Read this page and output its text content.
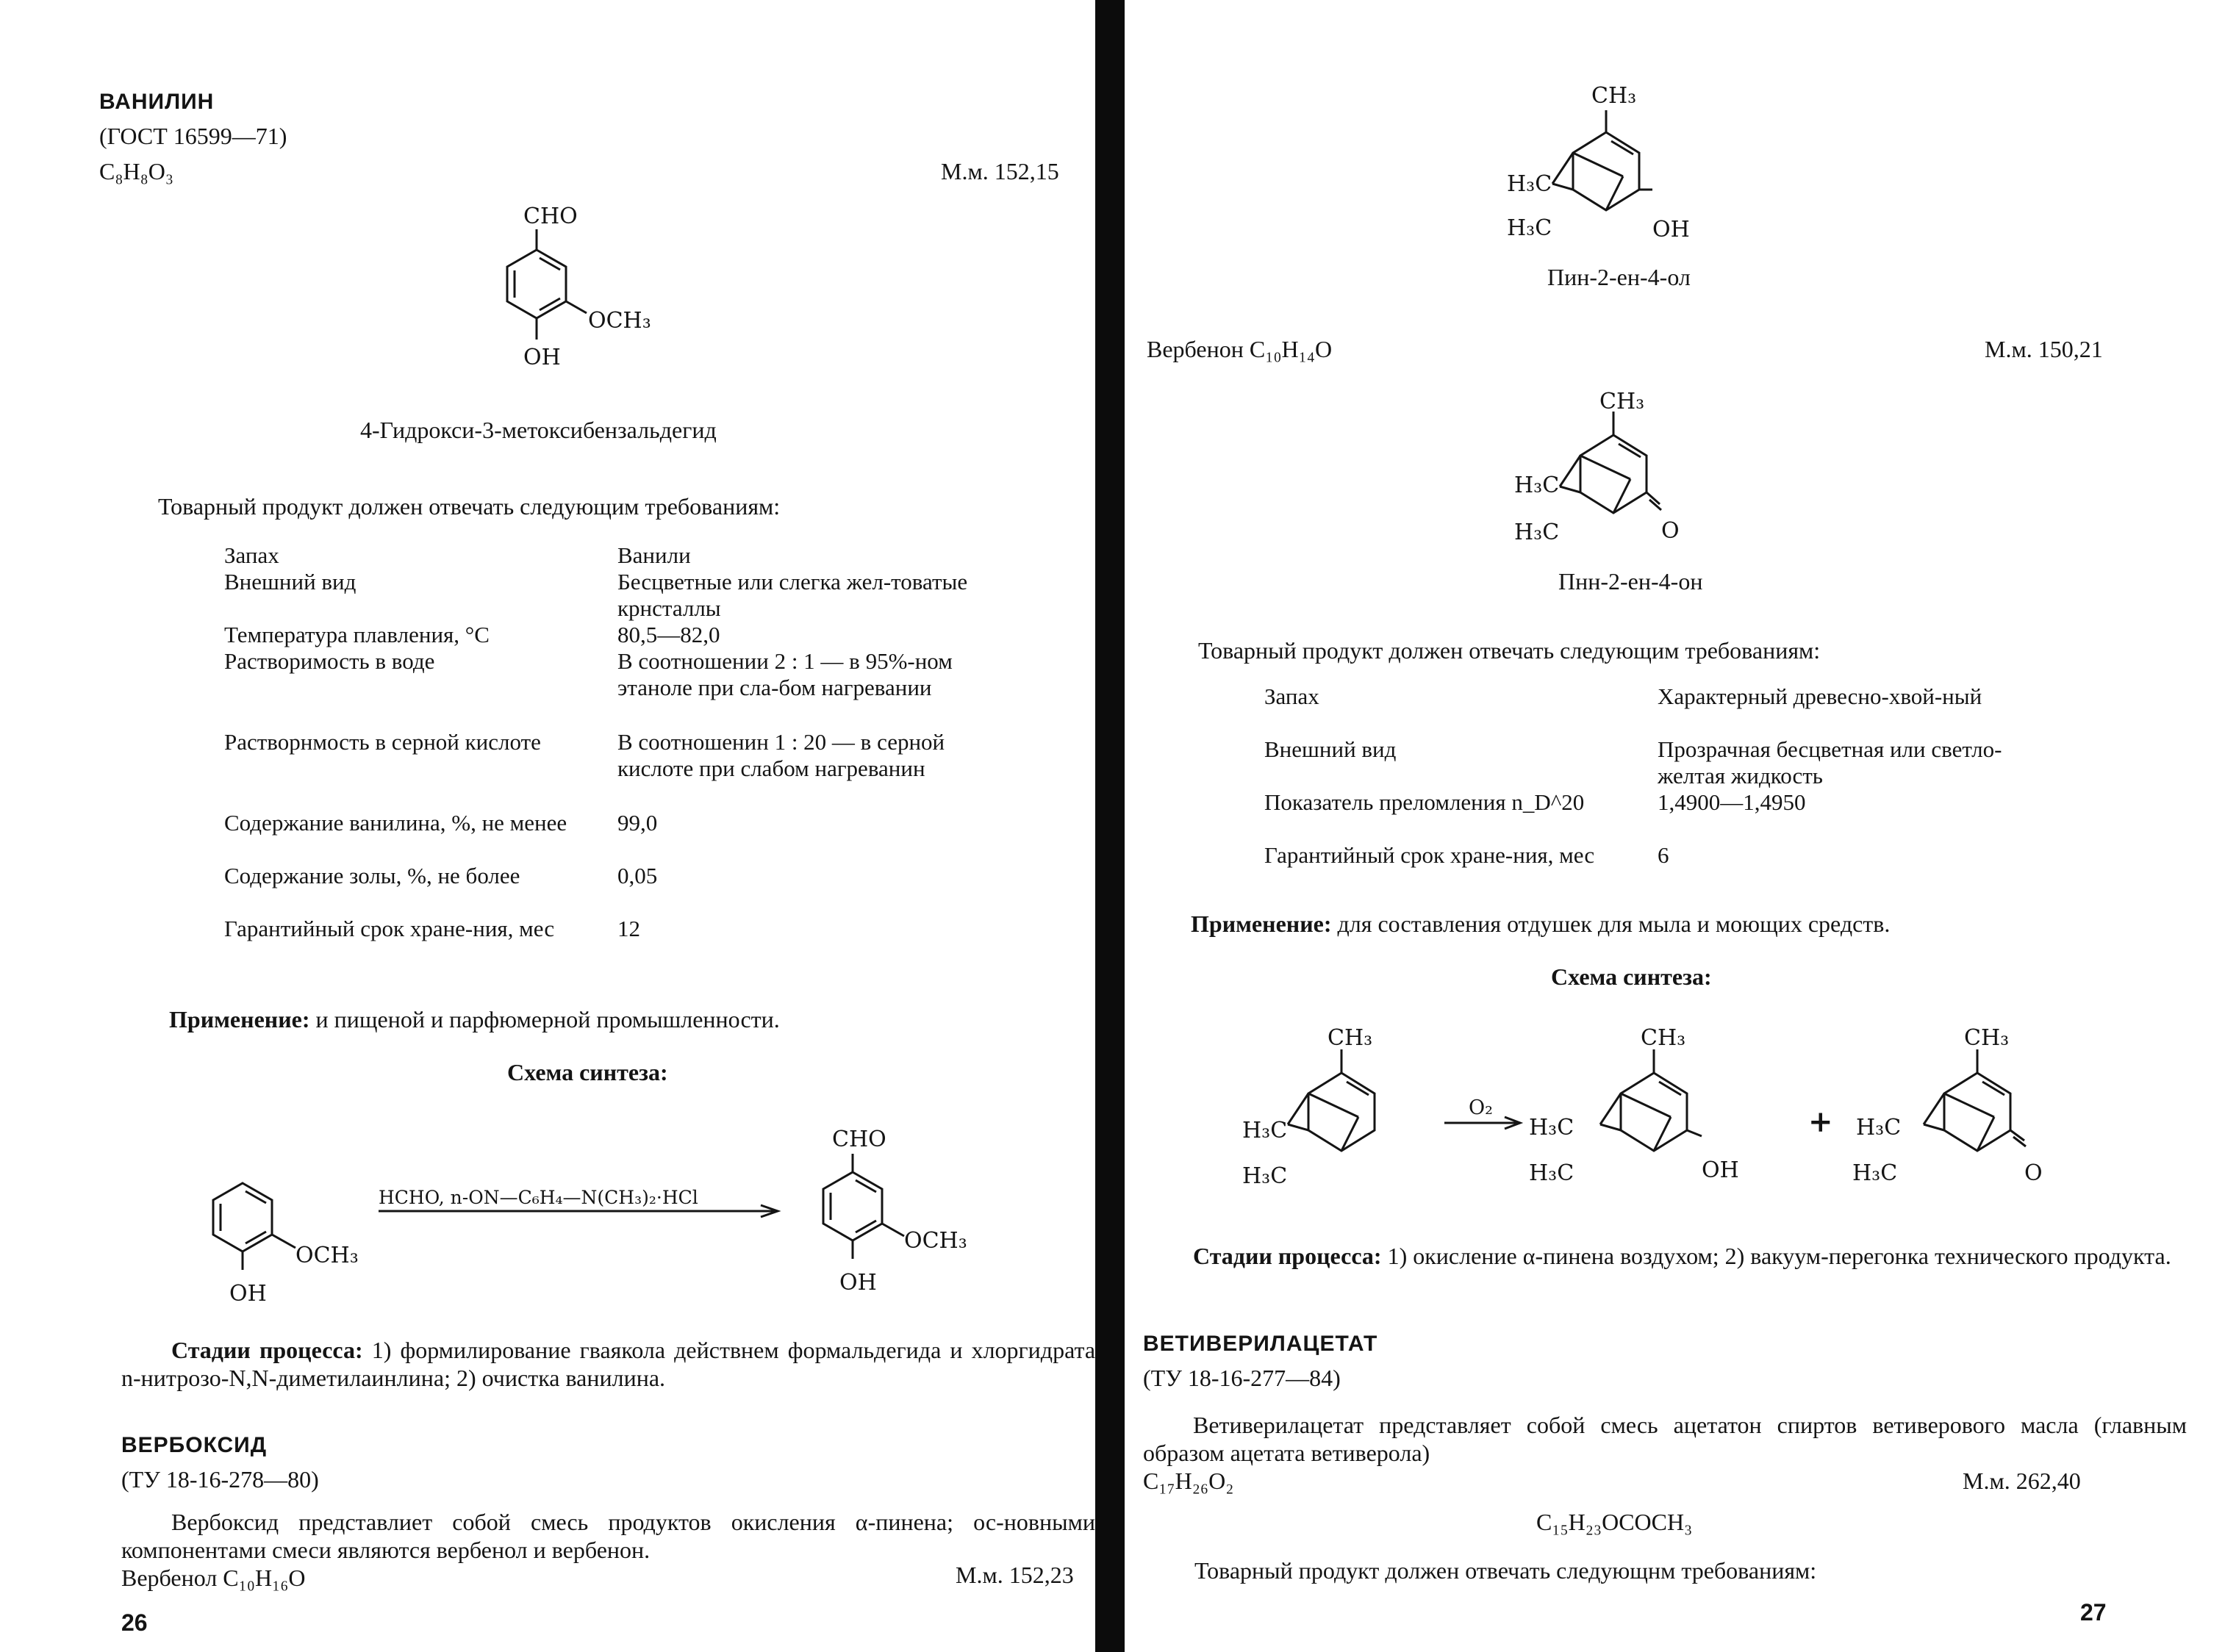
ВАНИЛИН
(ГОСТ 16599—71)
C₈H₈O₃	М.м. 152,15
CHO
OCH₃
OH
4-Гидрокси-3-метоксибензальдегид
Товарный продукт должен отвечать следующим требованиям:
Запах	Ванили
Внешний вид	Бесцветные или слегка жел-товатые крнсталлы
Температура плавления, °С	80,5—82,0
Растворимость в воде	В соотношении 2 : 1 — в 95%-ном этаноле при сла-бом нагревании
Растворнмость в серной кислоте	В соотношенин 1 : 20 — в серной кислоте при слабом нагреванин
Содержание ванилина, %, не менее	99,0
Содержание золы, %, не более	0,05
Гарантийный срок хране-ния, мес	12
Применение: и пищеной и парфюмерной промышленности.
Схема синтеза:
OCH₃
OH
HCHO, n-ON—C₆H₄—N(CH₃)₂·HCl
CHO
OCH₃
OH
Стадии процесса: 1) формилирование гваякола действнем формальдегида и хлоргидрата n-нитрозо-N,N-диметилаинлина; 2) очистка ванилина.
ВЕРБОКСИД
(ТУ 18-16-278—80)
Вербоксид представлиет собой смесь продуктов окисления α-пинена; ос-новными компонентами смеси являются вербенол и вербенон.
Вербенол C₁₀H₁₆O	М.м. 152,23
26
CH₃
H₃C
H₃C	OH
Пин-2-ен-4-ол
Вербенон C₁₀H₁₄O	М.м. 150,21
CH₃
H₃C
H₃C	O
Пнн-2-ен-4-он
Товарный продукт должен отвечать следующим требованиям:
Запах	Характерный древесно-хвой-ный
Внешний вид	Прозрачная бесцветная или светло-желтая жидкость
Показатель преломления n_D^20	1,4900—1,4950
Гарантийный срок хране-ния, мес	6
Применение: для составления отдушек для мыла и моющих средств.
Схема синтеза:
CH₃
H₃C
H₃C
O₂
CH₃
H₃C
H₃C	OH
+ H₃C
H₃C
CH₃
O
Стадии процесса: 1) окисление α-пинена воздухом; 2) вакуум-перегонка технического продукта.
ВЕТИВЕРИЛАЦЕТАТ
(ТУ 18-16-277—84)
Ветиверилацетат представляет собой смесь ацетатон спиртов ветиверового масла (главным образом ацетата ветиверола)
C₁₇H₂₆O₂	М.м. 262,40
C₁₅H₂₃OCOCH₃
Товарный продукт должен отвечать следующнм требованиям:
27
